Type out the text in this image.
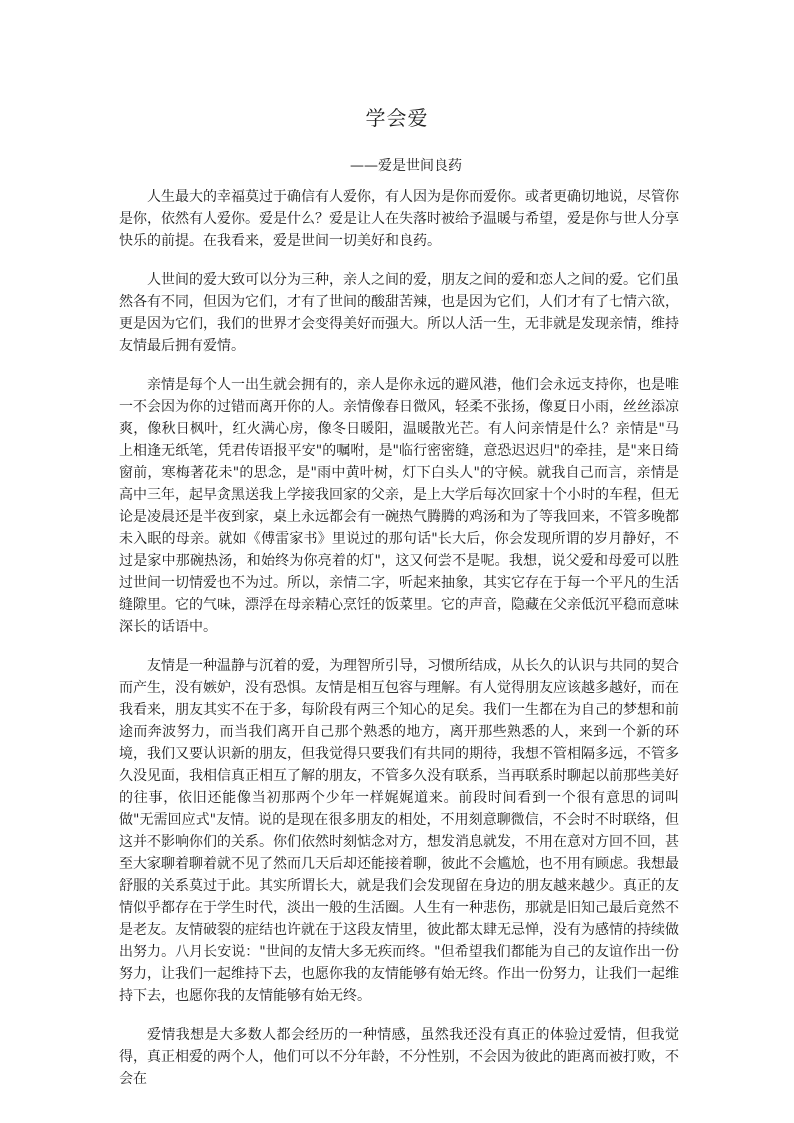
学会爱
——爱是世间良药

人生最大的幸福莫过于确信有人爱你，有人因为是你而爱你。或者更确切地说，尽管你是你，依然有人爱你。爱是什么？爱是让人在失落时被给予温暖与希望，爱是你与世人分享快乐的前提。在我看来，爱是世间一切美好和良药。

人世间的爱大致可以分为三种，亲人之间的爱，朋友之间的爱和恋人之间的爱。它们虽然各有不同，但因为它们，才有了世间的酸甜苦辣，也是因为它们，人们才有了七情六欲，更是因为它们，我们的世界才会变得美好而强大。所以人活一生，无非就是发现亲情，维持友情最后拥有爱情。

亲情是每个人一出生就会拥有的，亲人是你永远的避风港，他们会永远支持你，也是唯一不会因为你的过错而离开你的人。亲情像春日微风，轻柔不张扬，像夏日小雨，丝丝添凉爽，像秋日枫叶，红火满心房，像冬日暖阳，温暖散光芒。有人问亲情是什么？亲情是"马上相逢无纸笔，凭君传语报平安"的嘱咐，是"临行密密缝，意恐迟迟归"的牵挂，是"来日绮窗前，寒梅著花未"的思念，是"雨中黄叶树，灯下白头人"的守候。就我自己而言，亲情是高中三年，起早贪黑送我上学接我回家的父亲，是上大学后每次回家十个小时的车程，但无论是凌晨还是半夜到家，桌上永远都会有一碗热气腾腾的鸡汤和为了等我回来，不管多晚都未入眠的母亲。就如《傅雷家书》里说过的那句话"长大后，你会发现所谓的岁月静好，不过是家中那碗热汤，和始终为你亮着的灯"，这又何尝不是呢。我想，说父爱和母爱可以胜过世间一切情爱也不为过。所以，亲情二字，听起来抽象，其实它存在于每一个平凡的生活缝隙里。它的气味，漂浮在母亲精心烹饪的饭菜里。它的声音，隐藏在父亲低沉平稳而意味深长的话语中。

友情是一种温静与沉着的爱，为理智所引导，习惯所结成，从长久的认识与共同的契合而产生，没有嫉妒，没有恐惧。友情是相互包容与理解。有人觉得朋友应该越多越好，而在我看来，朋友其实不在于多，每阶段有两三个知心的足矣。我们一生都在为自己的梦想和前途而奔波努力，而当我们离开自己那个熟悉的地方，离开那些熟悉的人，来到一个新的环境，我们又要认识新的朋友，但我觉得只要我们有共同的期待，我想不管相隔多远，不管多久没见面，我相信真正相互了解的朋友，不管多久没有联系，当再联系时聊起以前那些美好的往事，依旧还能像当初那两个少年一样娓娓道来。前段时间看到一个很有意思的词叫做"无需回应式"友情。说的是现在很多朋友的相处，不用刻意聊微信，不会时不时联络，但这并不影响你们的关系。你们依然时刻惦念对方，想发消息就发，不用在意对方回不回，甚至大家聊着聊着就不见了然而几天后却还能接着聊，彼此不会尴尬，也不用有顾虑。我想最舒服的关系莫过于此。其实所谓长大，就是我们会发现留在身边的朋友越来越少。真正的友情似乎都存在于学生时代，淡出一般的生活圈。人生有一种悲伤，那就是旧知己最后竟然不是老友。友情破裂的症结也许就在于这段友情里，彼此都太肆无忌惮，没有为感情的持续做出努力。八月长安说："世间的友情大多无疾而终。"但希望我们都能为自己的友谊作出一份努力，让我们一起维持下去，也愿你我的友情能够有始无终。作出一份努力，让我们一起维持下去，也愿你我的友情能够有始无终。

爱情我想是大多数人都会经历的一种情感，虽然我还没有真正的体验过爱情，但我觉得，真正相爱的两个人，他们可以不分年龄，不分性别，不会因为彼此的距离而被打败，不会在
